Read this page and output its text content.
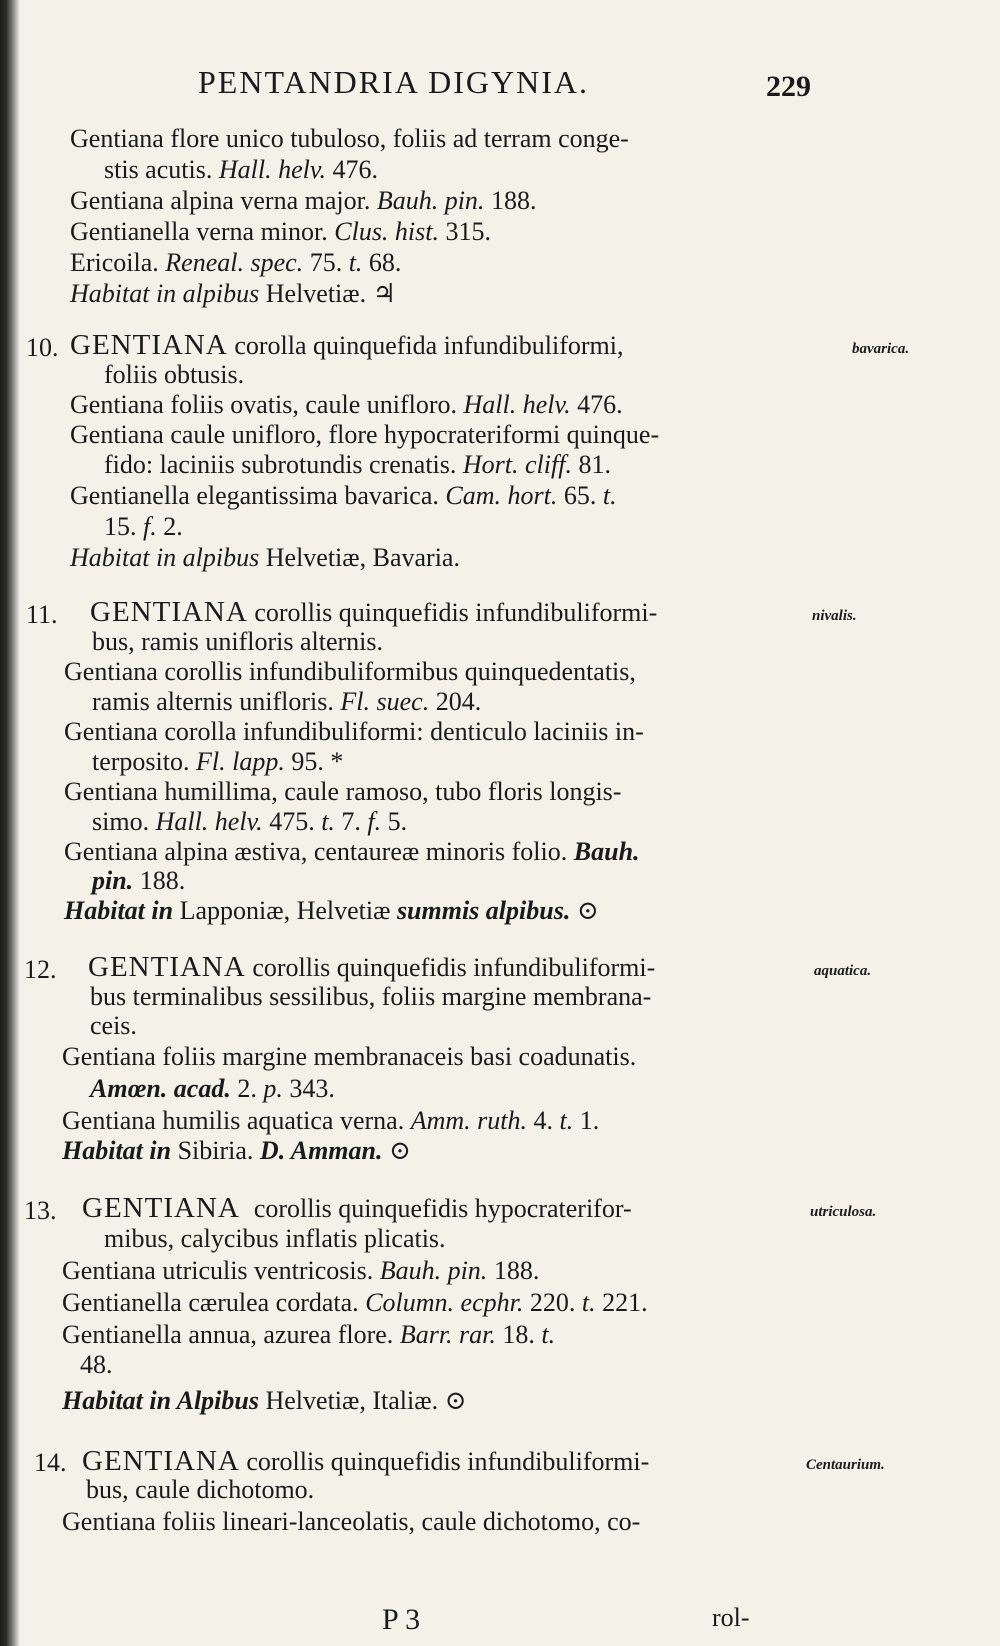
PENTANDRIA DIGYNIA.	229
Gentiana flore unico tubuloso, foliis ad terram conge-
stis acutis. Hall. helv. 476.
Gentiana alpina verna major. Bauh. pin. 188.
Gentianella verna minor. Clus. hist. 315.
Ericoila. Reneal. spec. 75. t. 68.
Habitat in alpibus Helvetiæ. ♃
10. GENTIANA corolla quinquefida infundibuliformi,	bavarica.
foliis obtusis.
Gentiana foliis ovatis, caule unifloro. Hall. helv. 476.
Gentiana caule unifloro, flore hypocrateriformi quinque-
fido: laciniis subrotundis crenatis. Hort. cliff. 81.
Gentianella elegantissima bavarica. Cam. hort. 65. t.
15. f. 2.
Habitat in alpibus Helvetiæ, Bavaria.
11. GENTIANA corollis quinquefidis infundibuliformi-	nivalis.
bus, ramis unifloris alternis.
Gentiana corollis infundibuliformibus quinquedentatis,
ramis alternis unifloris. Fl. suec. 204.
Gentiana corolla infundibuliformi: denticulo laciniis in-
terposito. Fl. lapp. 95. *
Gentiana humillima, caule ramoso, tubo floris longis-
simo. Hall. helv. 475. t. 7. f. 5.
Gentiana alpina æstiva, centaureæ minoris folio. Bauh.
pin. 188.
Habitat in Lapponiæ, Helvetiæ summis alpibus. ⊙
12. GENTIANA corollis quinquefidis infundibuliformi-	aquatica.
bus terminalibus sessilibus, foliis margine membrana-
ceis.
Gentiana foliis margine membranaceis basi coadunatis.
Amœn. acad. 2. p. 343.
Gentiana humilis aquatica verna. Amm. ruth. 4. t. 1.
Habitat in Sibiria. D. Amman. ⊙
13. GENTIANA corollis quinquefidis hypocraterifor-	utriculosa.
mibus, calycibus inflatis plicatis.
Gentiana utriculis ventricosis. Bauh. pin. 188.
Gentianella cærulea cordata. Column. ecphr. 220. t. 221.
Gentianella annua, azurea flore. Barr. rar. 18. t.
48.
Habitat in Alpibus Helvetiæ, Italiæ. ⊙
14. GENTIANA corollis quinquefidis infundibuliformi-	Centaurium.
bus, caule dichotomo.
Gentiana foliis lineari-lanceolatis, caule dichotomo, co-
P 3	rol-
